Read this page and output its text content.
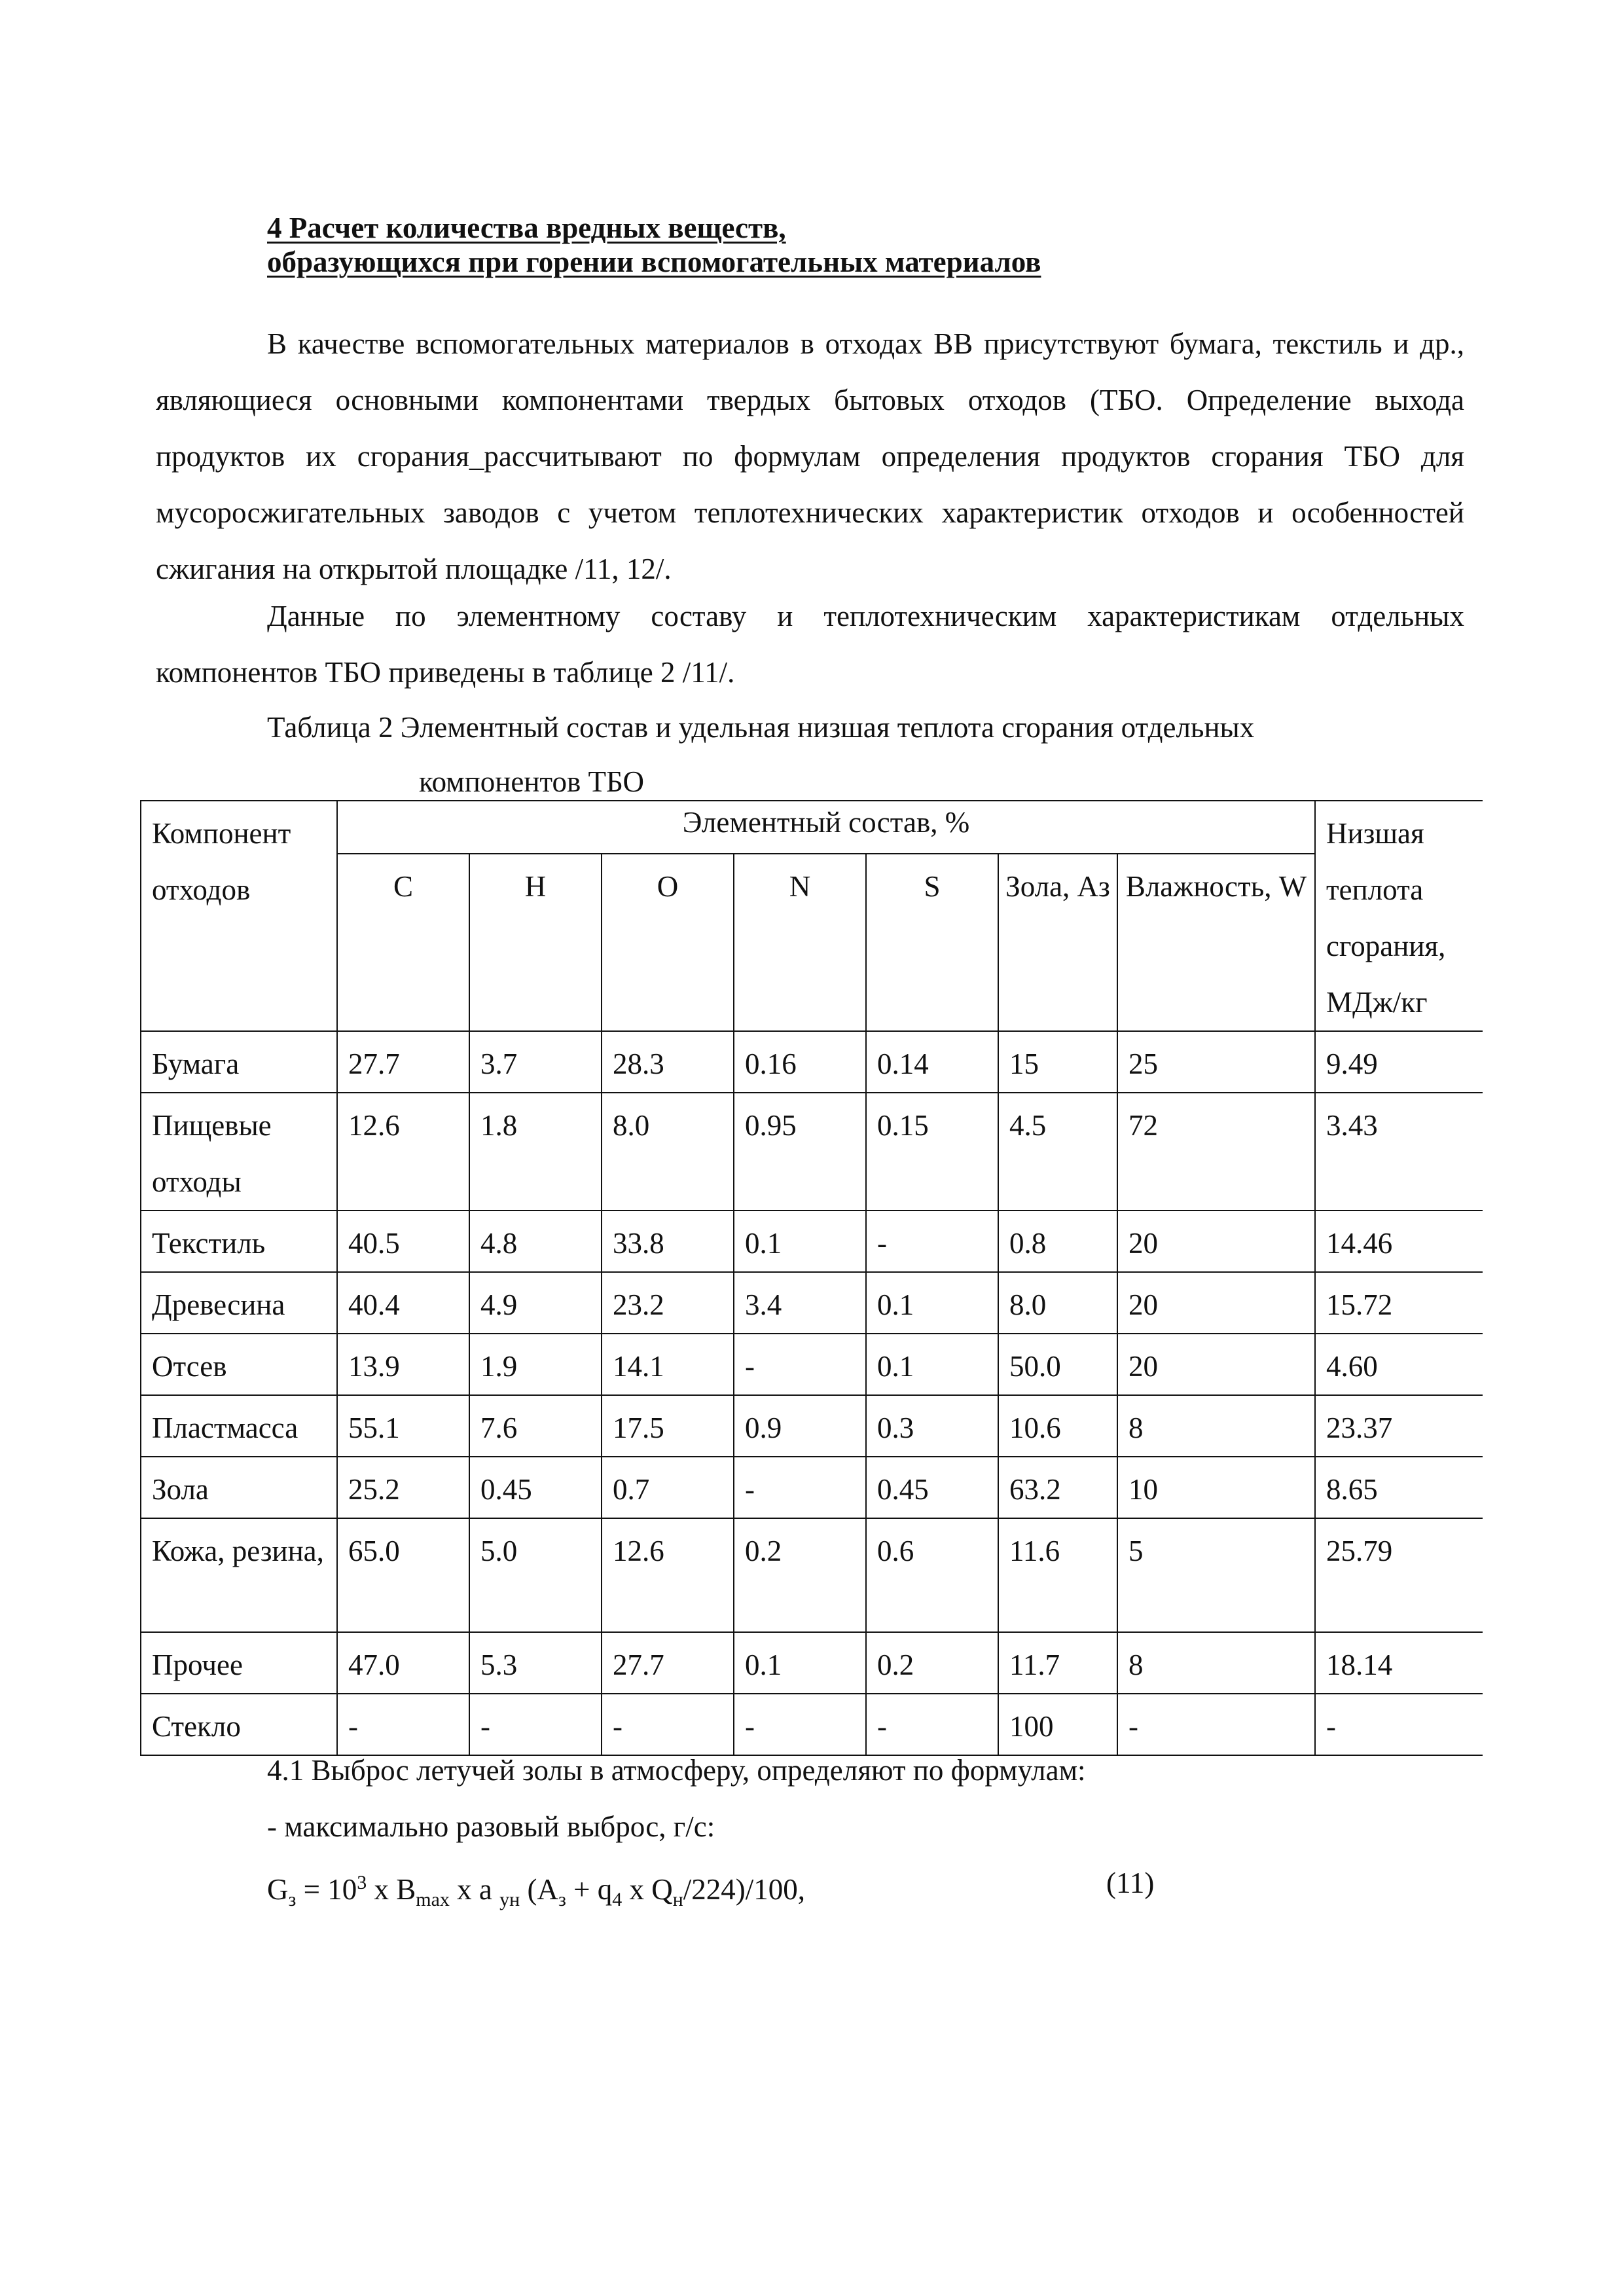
4 Расчет количества вредных веществ,
образующихся при горении вспомогательных материалов

В качестве вспомогательных материалов в отходах ВВ присутствуют бумага, текстиль и др., являющиеся основными компонентами твердых бытовых отходов (ТБО. Определение выхода продуктов их сгорания_рассчитывают по формулам определения продуктов сгорания ТБО для мусоросжигательных заводов с учетом теплотехнических характеристик отходов и особенностей сжигания на открытой площадке /11, 12/.

Данные по элементному составу и теплотехническим характеристикам отдельных компонентов ТБО приведены в таблице 2 /11/.

Таблица 2 Элементный состав и удельная низшая теплота сгорания отдельных
компонентов ТБО
Компонент отходов	Элементный состав, %							Низшая теплота сгорания, МДж/кг

	C	H	O	N	S	Зола, Аз	Влажность, W	
Бумага	27.7	3.7	28.3	0.16	0.14	15	25	9.49
Пищевые отходы	12.6	1.8	8.0	0.95	0.15	4.5	72	3.43
Текстиль	40.5	4.8	33.8	0.1	-	0.8	20	14.46
Древесина	40.4	4.9	23.2	3.4	0.1	8.0	20	15.72
Отсев	13.9	1.9	14.1	-	0.1	50.0	20	4.60
Пластмасса	55.1	7.6	17.5	0.9	0.3	10.6	8	23.37
Зола	25.2	0.45	0.7	-	0.45	63.2	10	8.65
Кожа, резина,	65.0	5.0	12.6	0.2	0.6	11.6	5	25.79
Прочее	47.0	5.3	27.7	0.1	0.2	11.7	8	18.14
Стекло	-	-	-	-	-	100	-	-
4.1 Выброс летучей золы в атмосферу, определяют по формулам:
- максимально разовый выброс, г/с:
$G_з = 10^3$ х $В_{max}$ х а $_{ун}$ ($А_з + q_4$ х $Q_н/224)/100$,	(11)
